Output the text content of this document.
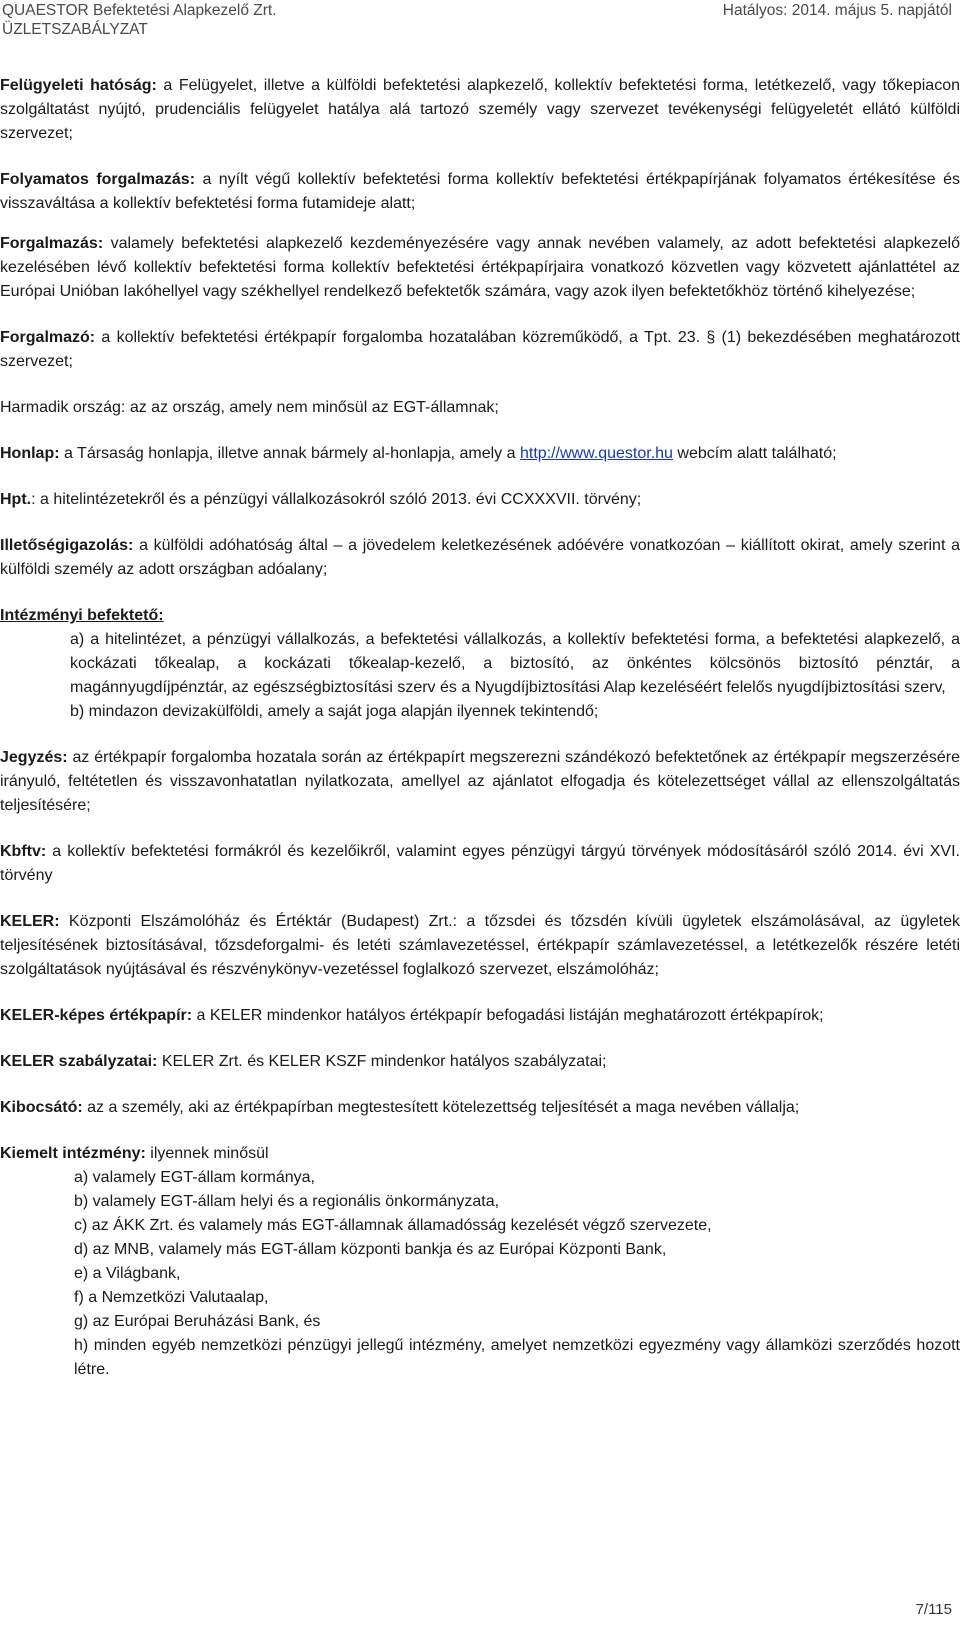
QUAESTOR Befektetési Alapkezelő Zrt.
ÜZLETSZABÁLYZAT
Hatályos: 2014. május 5. napjától

Felügyeleti hatóság: a Felügyelet, illetve a külföldi befektetési alapkezelő, kollektív befektetési forma, letétkezelő, vagy tőkepiacon szolgáltatást nyújtó, prudenciális felügyelet hatálya alá tartozó személy vagy szervezet tevékenységi felügyeletét ellátó külföldi szervezet;

Folyamatos forgalmazás: a nyílt végű kollektív befektetési forma kollektív befektetési értékpapírjának folyamatos értékesítése és visszaváltása a kollektív befektetési forma futamideje alatt;

Forgalmazás: valamely befektetési alapkezelő kezdeményezésére vagy annak nevében valamely, az adott befektetési alapkezelő kezelésében lévő kollektív befektetési forma kollektív befektetési értékpapírjaira vonatkozó közvetlen vagy közvetett ajánlattétel az Európai Unióban lakóhellyel vagy székhellyel rendelkező befektetők számára, vagy azok ilyen befektetőkhöz történő kihelyezése;

Forgalmazó: a kollektív befektetési értékpapír forgalomba hozatalában közreműködő, a Tpt. 23. § (1) bekezdésében meghatározott szervezet;

Harmadik ország: az az ország, amely nem minősül az EGT-államnak;

Honlap: a Társaság honlapja, illetve annak bármely al-honlapja, amely a http://www.questor.hu webcím alatt található;

Hpt.: a hitelintézetekről és a pénzügyi vállalkozásokról szóló 2013. évi CCXXXVII. törvény;

Illetőségigazolás: a külföldi adóhatóság által – a jövedelem keletkezésének adóévére vonatkozóan – kiállított okirat, amely szerint a külföldi személy az adott országban adóalany;

Intézményi befektető:
a) a hitelintézet, a pénzügyi vállalkozás, a befektetési vállalkozás, a kollektív befektetési forma, a befektetési alapkezelő, a kockázati tőkealap, a kockázati tőkealap-kezelő, a biztosító, az önkéntes kölcsönös biztosító pénztár, a magánnyugdíjpénztár, az egészségbiztosítási szerv és a Nyugdíjbiztosítási Alap kezeléséért felelős nyugdíjbiztosítási szerv,
b) mindazon devizakülföldi, amely a saját joga alapján ilyennek tekintendő;

Jegyzés: az értékpapír forgalomba hozatala során az értékpapírt megszerezni szándékozó befektetőnek az értékpapír megszerzésére irányuló, feltétetlen és visszavonhatatlan nyilatkozata, amellyel az ajánlatot elfogadja és kötelezettséget vállal az ellenszolgáltatás teljesítésére;

Kbftv: a kollektív befektetési formákról és kezelőikről, valamint egyes pénzügyi tárgyú törvények módosításáról szóló 2014. évi XVI. törvény

KELER: Központi Elszámolóház és Értéktár (Budapest) Zrt.: a tőzsdei és tőzsdén kívüli ügyletek elszámolásával, az ügyletek teljesítésének biztosításával, tőzsdeforgalmi- és letéti számlavezetéssel, értékpapír számlavezetéssel, a letétkezelők részére letéti szolgáltatások nyújtásával és részvénykönyv-vezetéssel foglalkozó szervezet, elszámolóház;

KELER-képes értékpapír: a KELER mindenkor hatályos értékpapír befogadási listáján meghatározott értékpapírok;

KELER szabályzatai: KELER Zrt. és KELER KSZF mindenkor hatályos szabályzatai;

Kibocsátó: az a személy, aki az értékpapírban megtestesített kötelezettség teljesítését a maga nevében vállalja;

Kiemelt intézmény: ilyennek minősül
a) valamely EGT-állam kormánya,
b) valamely EGT-állam helyi és a regionális önkormányzata,
c) az ÁKK Zrt. és valamely más EGT-államnak államadósság kezelését végző szervezete,
d) az MNB, valamely más EGT-állam központi bankja és az Európai Központi Bank,
e) a Világbank,
f) a Nemzetközi Valutaalap,
g) az Európai Beruházási Bank, és
h) minden egyéb nemzetközi pénzügyi jellegű intézmény, amelyet nemzetközi egyezmény vagy államközi szerződés hozott létre.
7/115
